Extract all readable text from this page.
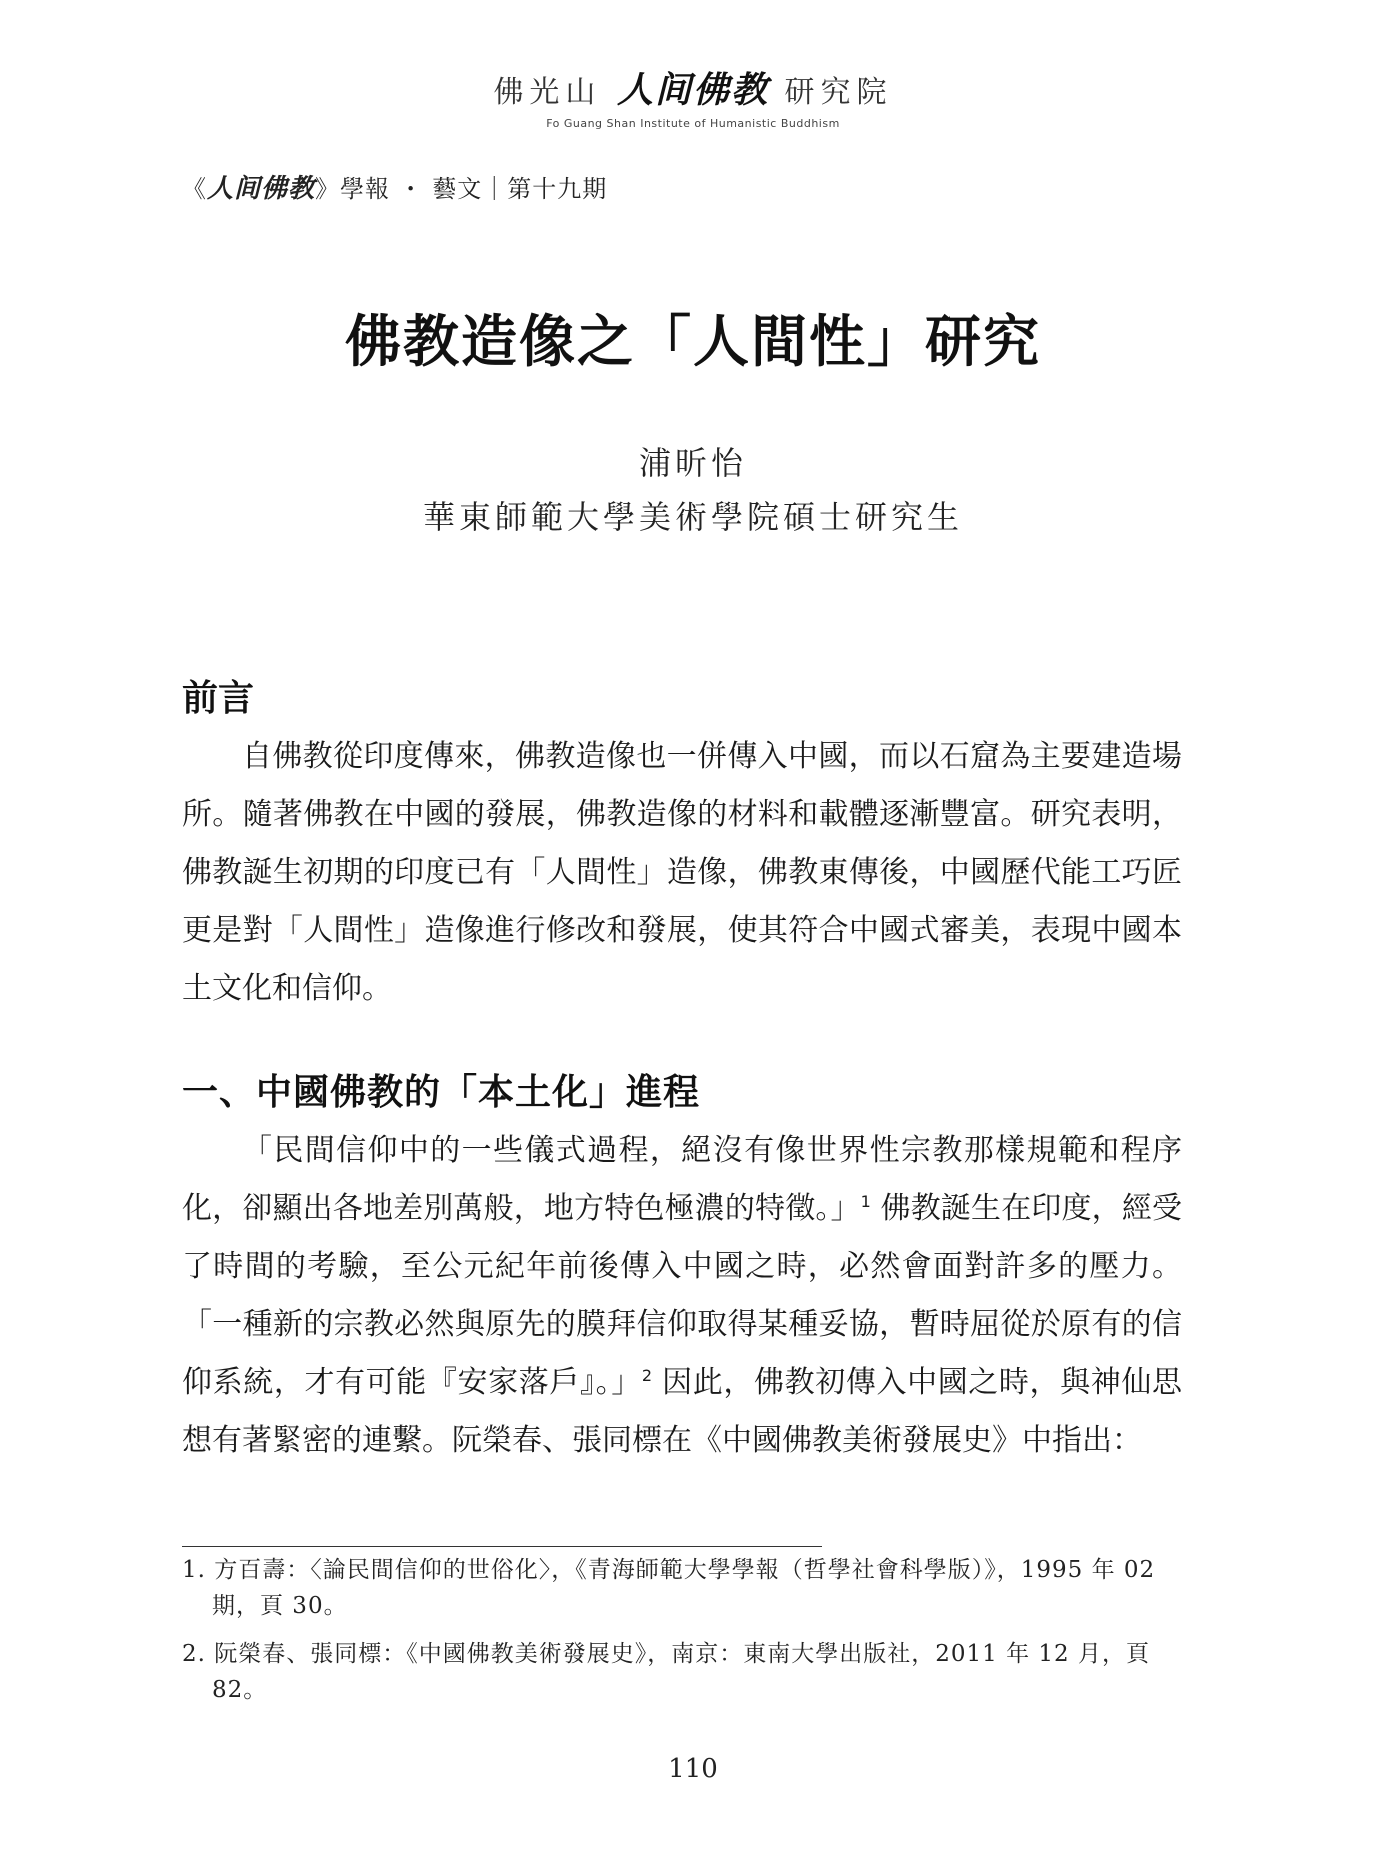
佛光山 人间佛教 研究院
Fo Guang Shan Institute of Humanistic Buddhism
《人间佛教》學報 ・ 藝文｜第十九期
佛教造像之「人間性」研究
浦昕怡
華東師範大學美術學院碩士研究生
前言

自佛教從印度傳來，佛教造像也一併傳入中國，而以石窟為主要建造場所。隨著佛教在中國的發展，佛教造像的材料和載體逐漸豐富。研究表明，佛教誕生初期的印度已有「人間性」造像，佛教東傳後，中國歷代能工巧匠更是對「人間性」造像進行修改和發展，使其符合中國式審美，表現中國本土文化和信仰。

一、中國佛教的「本土化」進程

「民間信仰中的一些儀式過程，絕沒有像世界性宗教那樣規範和程序化，卻顯出各地差別萬般，地方特色極濃的特徵。」$^1$ 佛教誕生在印度，經受了時間的考驗，至公元紀年前後傳入中國之時，必然會面對許多的壓力。「一種新的宗教必然與原先的膜拜信仰取得某種妥協，暫時屈從於原有的信仰系統，才有可能『安家落戶』。」$^2$ 因此，佛教初傳入中國之時，與神仙思想有著緊密的連繫。阮榮春、張同標在《中國佛教美術發展史》中指出：

1. 方百壽：〈論民間信仰的世俗化〉，《青海師範大學學報（哲學社會科學版）》，1995 年 02 期，頁 30。

2. 阮榮春、張同標：《中國佛教美術發展史》，南京：東南大學出版社，2011 年 12 月，頁 82。

110
